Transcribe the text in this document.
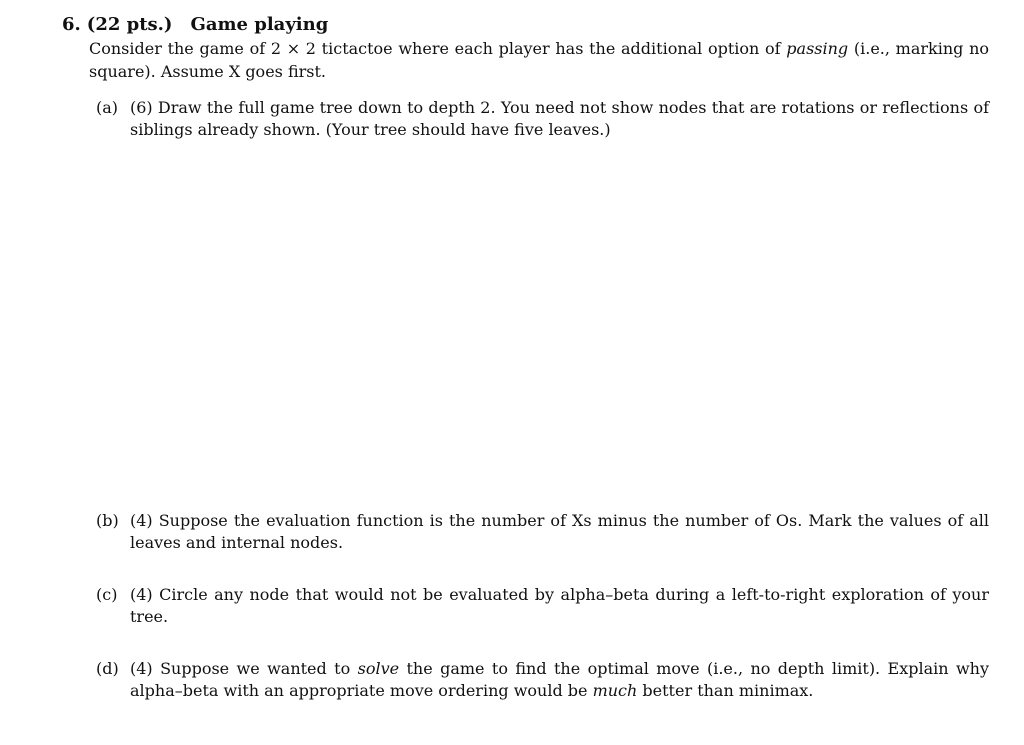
6. (22 pts.) Game playing
Consider the game of 2 × 2 tictactoe where each player has the additional option of passing (i.e., marking no square). Assume X goes first.
(a) (6) Draw the full game tree down to depth 2. You need not show nodes that are rotations or reflections of siblings already shown. (Your tree should have five leaves.)
(b) (4) Suppose the evaluation function is the number of Xs minus the number of Os. Mark the values of all leaves and internal nodes.
(c) (4) Circle any node that would not be evaluated by alpha–beta during a left-to-right exploration of your tree.
(d) (4) Suppose we wanted to solve the game to find the optimal move (i.e., no depth limit). Explain why alpha–beta with an appropriate move ordering would be much better than minimax.
